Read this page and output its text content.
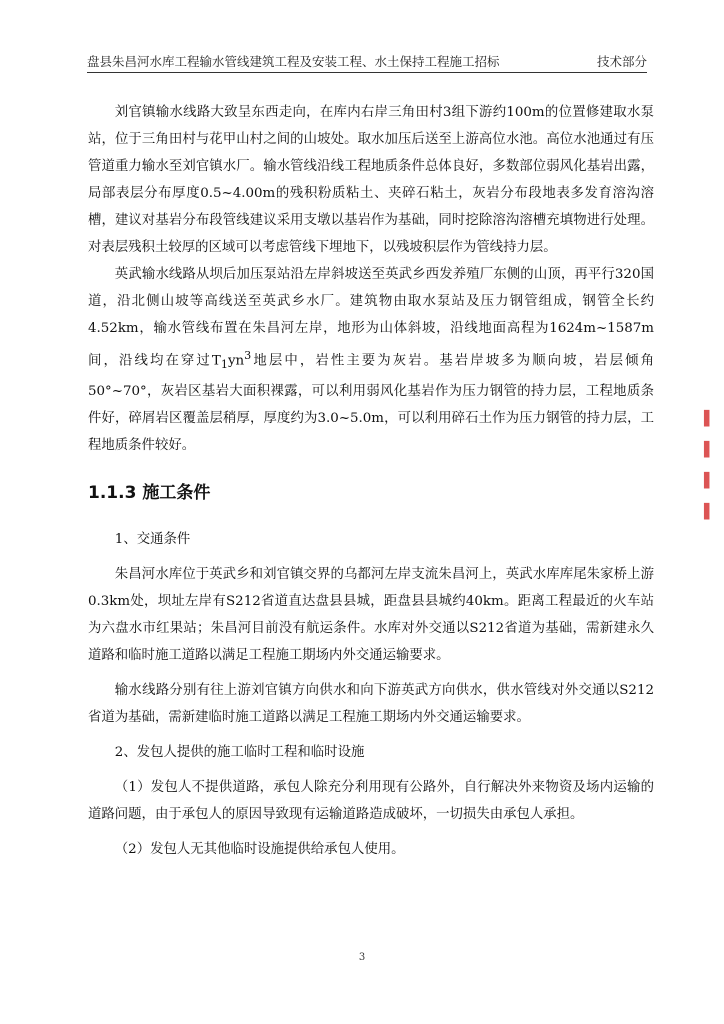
盘县朱昌河水库工程输水管线建筑工程及安装工程、水土保持工程施工招标	技术部分

刘官镇输水线路大致呈东西走向，在库内右岸三角田村3组下游约100m的位置修建取水泵站，位于三角田村与花甲山村之间的山坡处。取水加压后送至上游高位水池。高位水池通过有压管道重力输水至刘官镇水厂。输水管线沿线工程地质条件总体良好，多数部位弱风化基岩出露，局部表层分布厚度0.5~4.00m的残积粉质粘土、夹碎石粘土，灰岩分布段地表多发育溶沟溶槽，建议对基岩分布段管线建议采用支墩以基岩作为基础，同时挖除溶沟溶槽充填物进行处理。对表层残积土较厚的区域可以考虑管线下埋地下，以残坡积层作为管线持力层。

英武输水线路从坝后加压泵站沿左岸斜坡送至英武乡西发养殖厂东侧的山顶，再平行320国道，沿北侧山坡等高线送至英武乡水厂。建筑物由取水泵站及压力钢管组成，钢管全长约4.52km，输水管线布置在朱昌河左岸，地形为山体斜坡，沿线地面高程为1624m~1587m间，沿线均在穿过$T_1yn^3$地层中，岩性主要为灰岩。基岩岸坡多为顺向坡，岩层倾角50°~70°，灰岩区基岩大面积裸露，可以利用弱风化基岩作为压力钢管的持力层，工程地质条件好，碎屑岩区覆盖层稍厚，厚度约为3.0~5.0m，可以利用碎石土作为压力钢管的持力层，工程地质条件较好。

1.1.3 施工条件

1、交通条件

朱昌河水库位于英武乡和刘官镇交界的乌都河左岸支流朱昌河上，英武水库库尾朱家桥上游0.3km处，坝址左岸有S212省道直达盘县县城，距盘县县城约40km。距离工程最近的火车站为六盘水市红果站；朱昌河目前没有航运条件。水库对外交通以S212省道为基础，需新建永久道路和临时施工道路以满足工程施工期场内外交通运输要求。

输水线路分别有往上游刘官镇方向供水和向下游英武方向供水，供水管线对外交通以S212省道为基础，需新建临时施工道路以满足工程施工期场内外交通运输要求。

2、发包人提供的施工临时工程和临时设施

（1）发包人不提供道路，承包人除充分利用现有公路外，自行解决外来物资及场内运输的道路问题，由于承包人的原因导致现有运输道路造成破坏，一切损失由承包人承担。

（2）发包人无其他临时设施提供给承包人使用。

▌
▌
▌
▌
3
